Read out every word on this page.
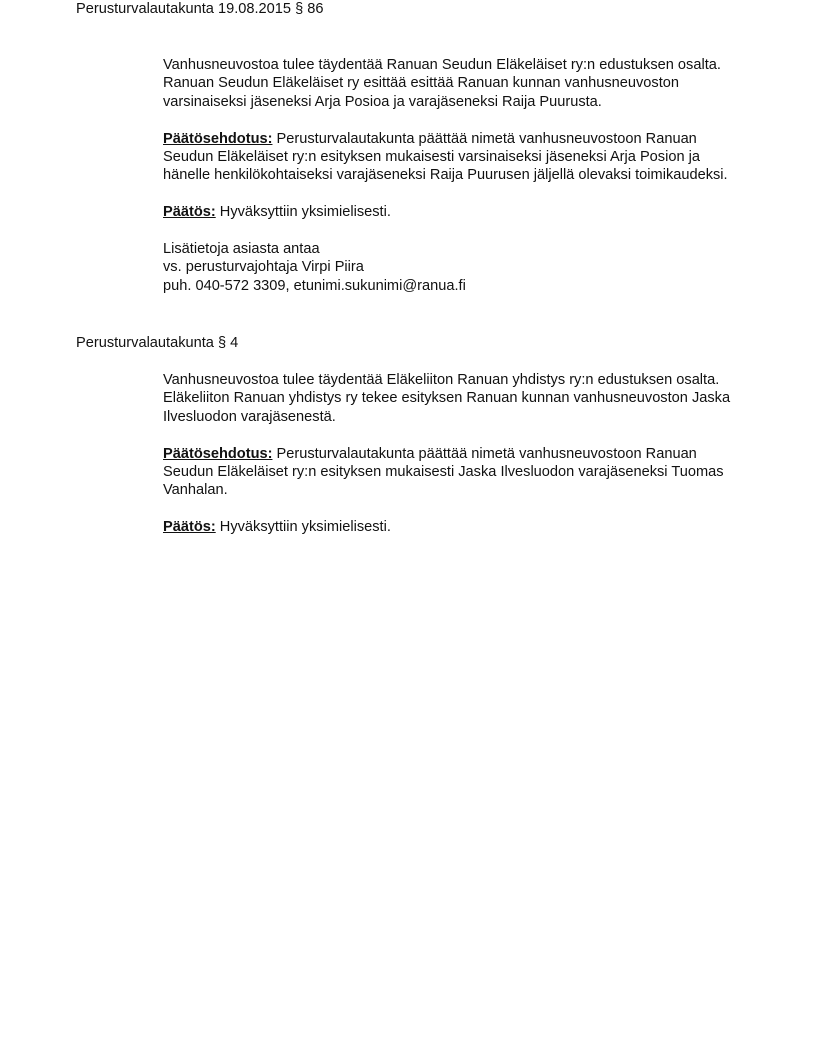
Perusturvalautakunta 19.08.2015 § 86

Vanhusneuvostoa tulee täydentää Ranuan Seudun Eläkeläiset ry:n edustuksen osalta. Ranuan Seudun Eläkeläiset ry esittää esittää Ranuan kunnan vanhusneuvoston varsinaiseksi jäseneksi Arja Posioa ja varajäseneksi Raija Puurusta.

Päätösehdotus: Perusturvalautakunta päättää nimetä vanhusneuvostoon Ranuan Seudun Eläkeläiset ry:n esityksen mukaisesti varsinaiseksi jäseneksi Arja Posion ja hänelle henkilökohtaiseksi varajäseneksi Raija Puurusen jäljellä olevaksi toimikaudeksi.

Päätös: Hyväksyttiin yksimielisesti.

Lisätietoja asiasta antaa
vs. perusturvajohtaja Virpi Piira
puh. 040-572 3309, etunimi.sukunimi@ranua.fi

Perusturvalautakunta § 4

Vanhusneuvostoa tulee täydentää Eläkeliiton Ranuan yhdistys ry:n edustuksen osalta. Eläkeliiton Ranuan yhdistys ry tekee esityksen Ranuan kunnan vanhusneuvoston Jaska Ilvesluodon varajäsenestä.

Päätösehdotus: Perusturvalautakunta päättää nimetä vanhusneuvostoon Ranuan Seudun Eläkeläiset ry:n esityksen mukaisesti Jaska Ilvesluodon varajäseneksi Tuomas Vanhalan.

Päätös: Hyväksyttiin yksimielisesti.
